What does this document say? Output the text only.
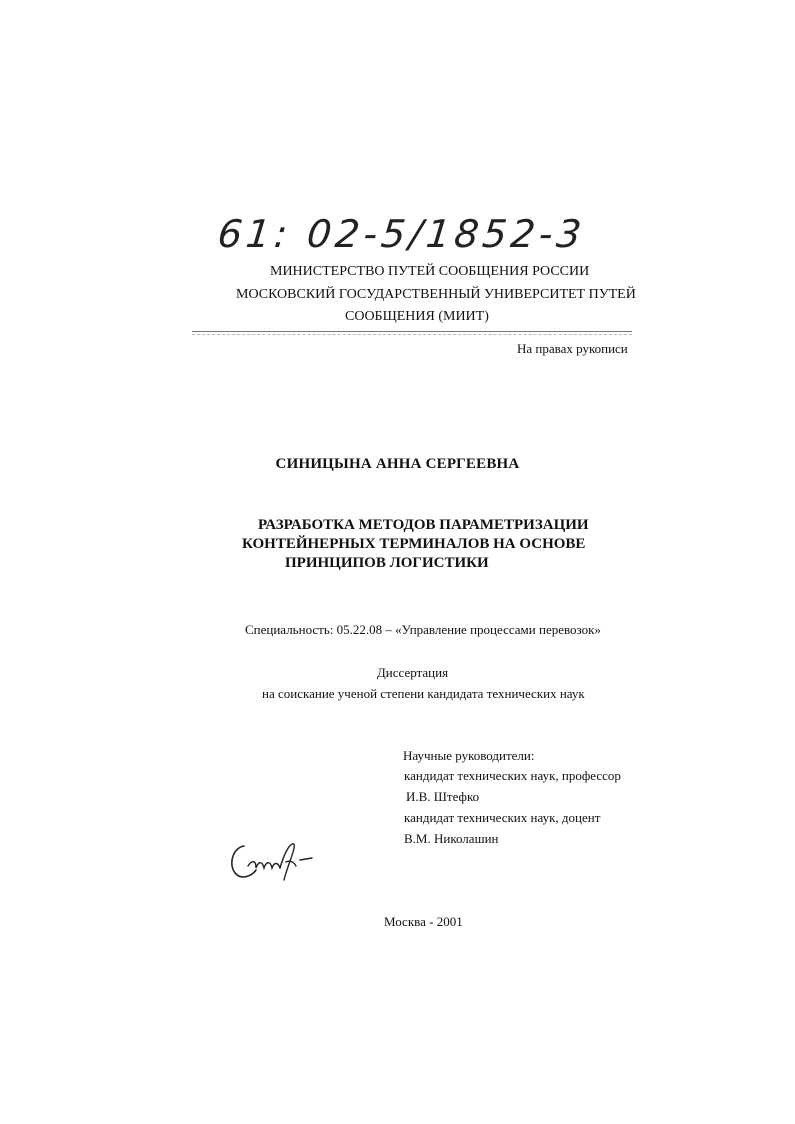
61: 02-5/1852-3
МИНИСТЕРСТВО ПУТЕЙ СООБЩЕНИЯ РОССИИ
МОСКОВСКИЙ ГОСУДАРСТВЕННЫЙ УНИВЕРСИТЕТ ПУТЕЙ
СООБЩЕНИЯ (МИИТ)
На правах рукописи
СИНИЦЫНА АННА СЕРГЕЕВНА
РАЗРАБОТКА МЕТОДОВ ПАРАМЕТРИЗАЦИИ
КОНТЕЙНЕРНЫХ ТЕРМИНАЛОВ НА ОСНОВЕ
ПРИНЦИПОВ ЛОГИСТИКИ
Специальность: 05.22.08 – «Управление процессами перевозок»
Диссертация
на соискание ученой степени кандидата технических наук
Научные руководители:
кандидат технических наук, профессор
И.В. Штефко
кандидат технических наук, доцент
В.М. Николашин
Москва - 2001
